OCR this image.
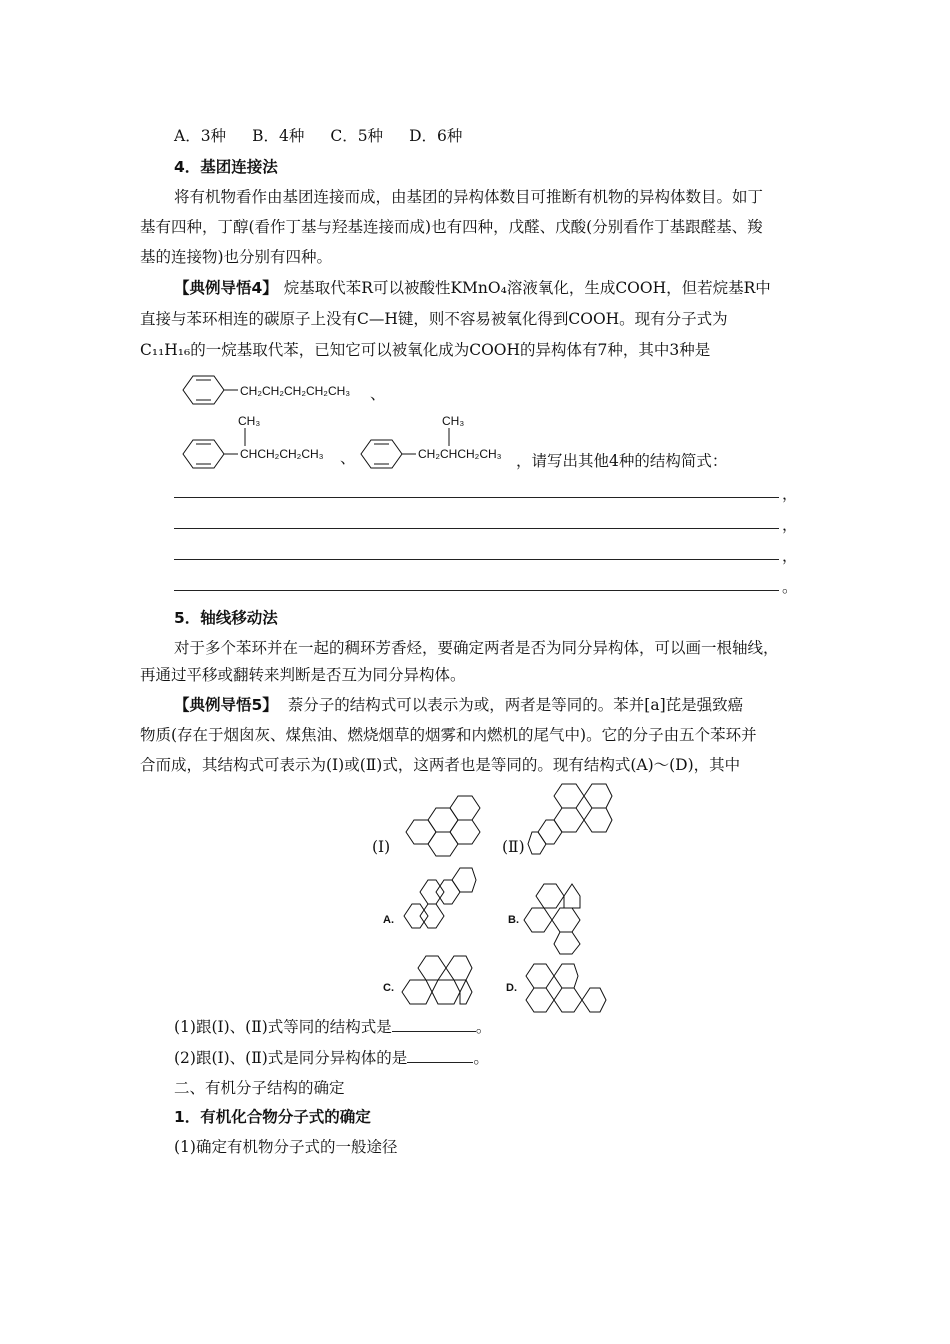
A．3种 B．4种 C．5种 D．6种
4．基团连接法
将有机物看作由基团连接而成，由基团的异构体数目可推断有机物的异构体数目。如丁
基有四种，丁醇(看作丁基与羟基连接而成)也有四种，戊醛、戊酸(分别看作丁基跟醛基、羧
基的连接物)也分别有四种。
【典例导悟4】 烷基取代苯R可以被酸性KMnO₄溶液氧化，生成COOH，但若烷基R中
直接与苯环相连的碳原子上没有C—H键，则不容易被氧化得到COOH。现有分子式为
C₁₁H₁₆的一烷基取代苯，已知它可以被氧化成为COOH的异构体有7种，其中3种是
CH₂CH₂CH₂CH₂CH₃ 、
CH₃
CHCH₂CH₂CH₃ 、
CH₃
CH₂CHCH₂CH₃ ，请写出其他4种的结构简式：
，
，
，
。
5．轴线移动法
对于多个苯环并在一起的稠环芳香烃，要确定两者是否为同分异构体，可以画一根轴线，
再通过平移或翻转来判断是否互为同分异构体。
【典例导悟5】 萘分子的结构式可以表示为或，两者是等同的。苯并[a]芘是强致癌
物质(存在于烟囱灰、煤焦油、燃烧烟草的烟雾和内燃机的尾气中)。它的分子由五个苯环并
合而成，其结构式可表示为(Ⅰ)或(Ⅱ)式，这两者也是等同的。现有结构式(A)～(D)，其中
(Ⅰ)	(Ⅱ)
A.	B.
C.	D.
(1)跟(Ⅰ)、(Ⅱ)式等同的结构式是	。
(2)跟(Ⅰ)、(Ⅱ)式是同分异构体的是	。
二、有机分子结构的确定
1．有机化合物分子式的确定
(1)确定有机物分子式的一般途径
